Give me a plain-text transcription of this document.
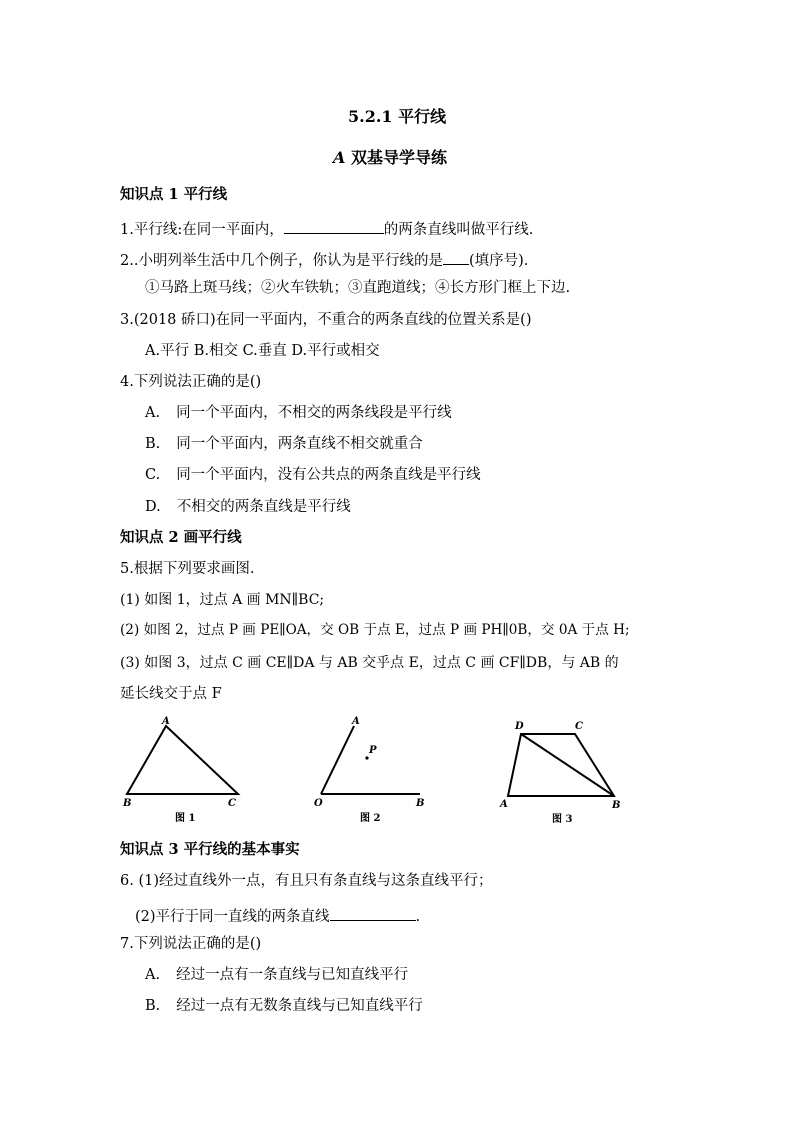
5.2.1 平行线
A 双基导学导练
知识点 1 平行线
1.平行线:在同一平面内，	的两条直线叫做平行线.
2..小明列举生活中几个例子，你认为是平行线的是 (填序号).
①马路上斑马线；②火车铁轨；③直跑道线；④长方形门框上下边.
3.(2018 硚口)在同一平面内，不重合的两条直线的位置关系是()
A.平行 B.相交 C.垂直 D.平行或相交
4.下列说法正确的是()
A. 同一个平面内，不相交的两条线段是平行线
B. 同一个平面内，两条直线不相交就重合
C. 同一个平面内，没有公共点的两条直线是平行线
D. 不相交的两条直线是平行线
知识点 2 画平行线
5.根据下列要求画图.
(1) 如图 1，过点 A 画 MN∥BC;
(2) 如图 2，过点 P 画 PE∥OA，交 OB 于点 E，过点 P 画 PH∥0B，交 0A 于点 H;
(3) 如图 3，过点 C 画 CE∥DA 与 AB 交乎点 E，过点 C 画 CF∥DB，与 AB 的
延长线交于点 F
A
B	C
图 1
A
P
O	B
图 2
D	C
A	B
图 3
知识点 3 平行线的基本事实
6. (1)经过直线外一点，有且只有条直线与这条直线平行；
(2)平行于同一直线的两条直线	.
7.下列说法正确的是()
A. 经过一点有一条直线与已知直线平行
B. 经过一点有无数条直线与已知直线平行
